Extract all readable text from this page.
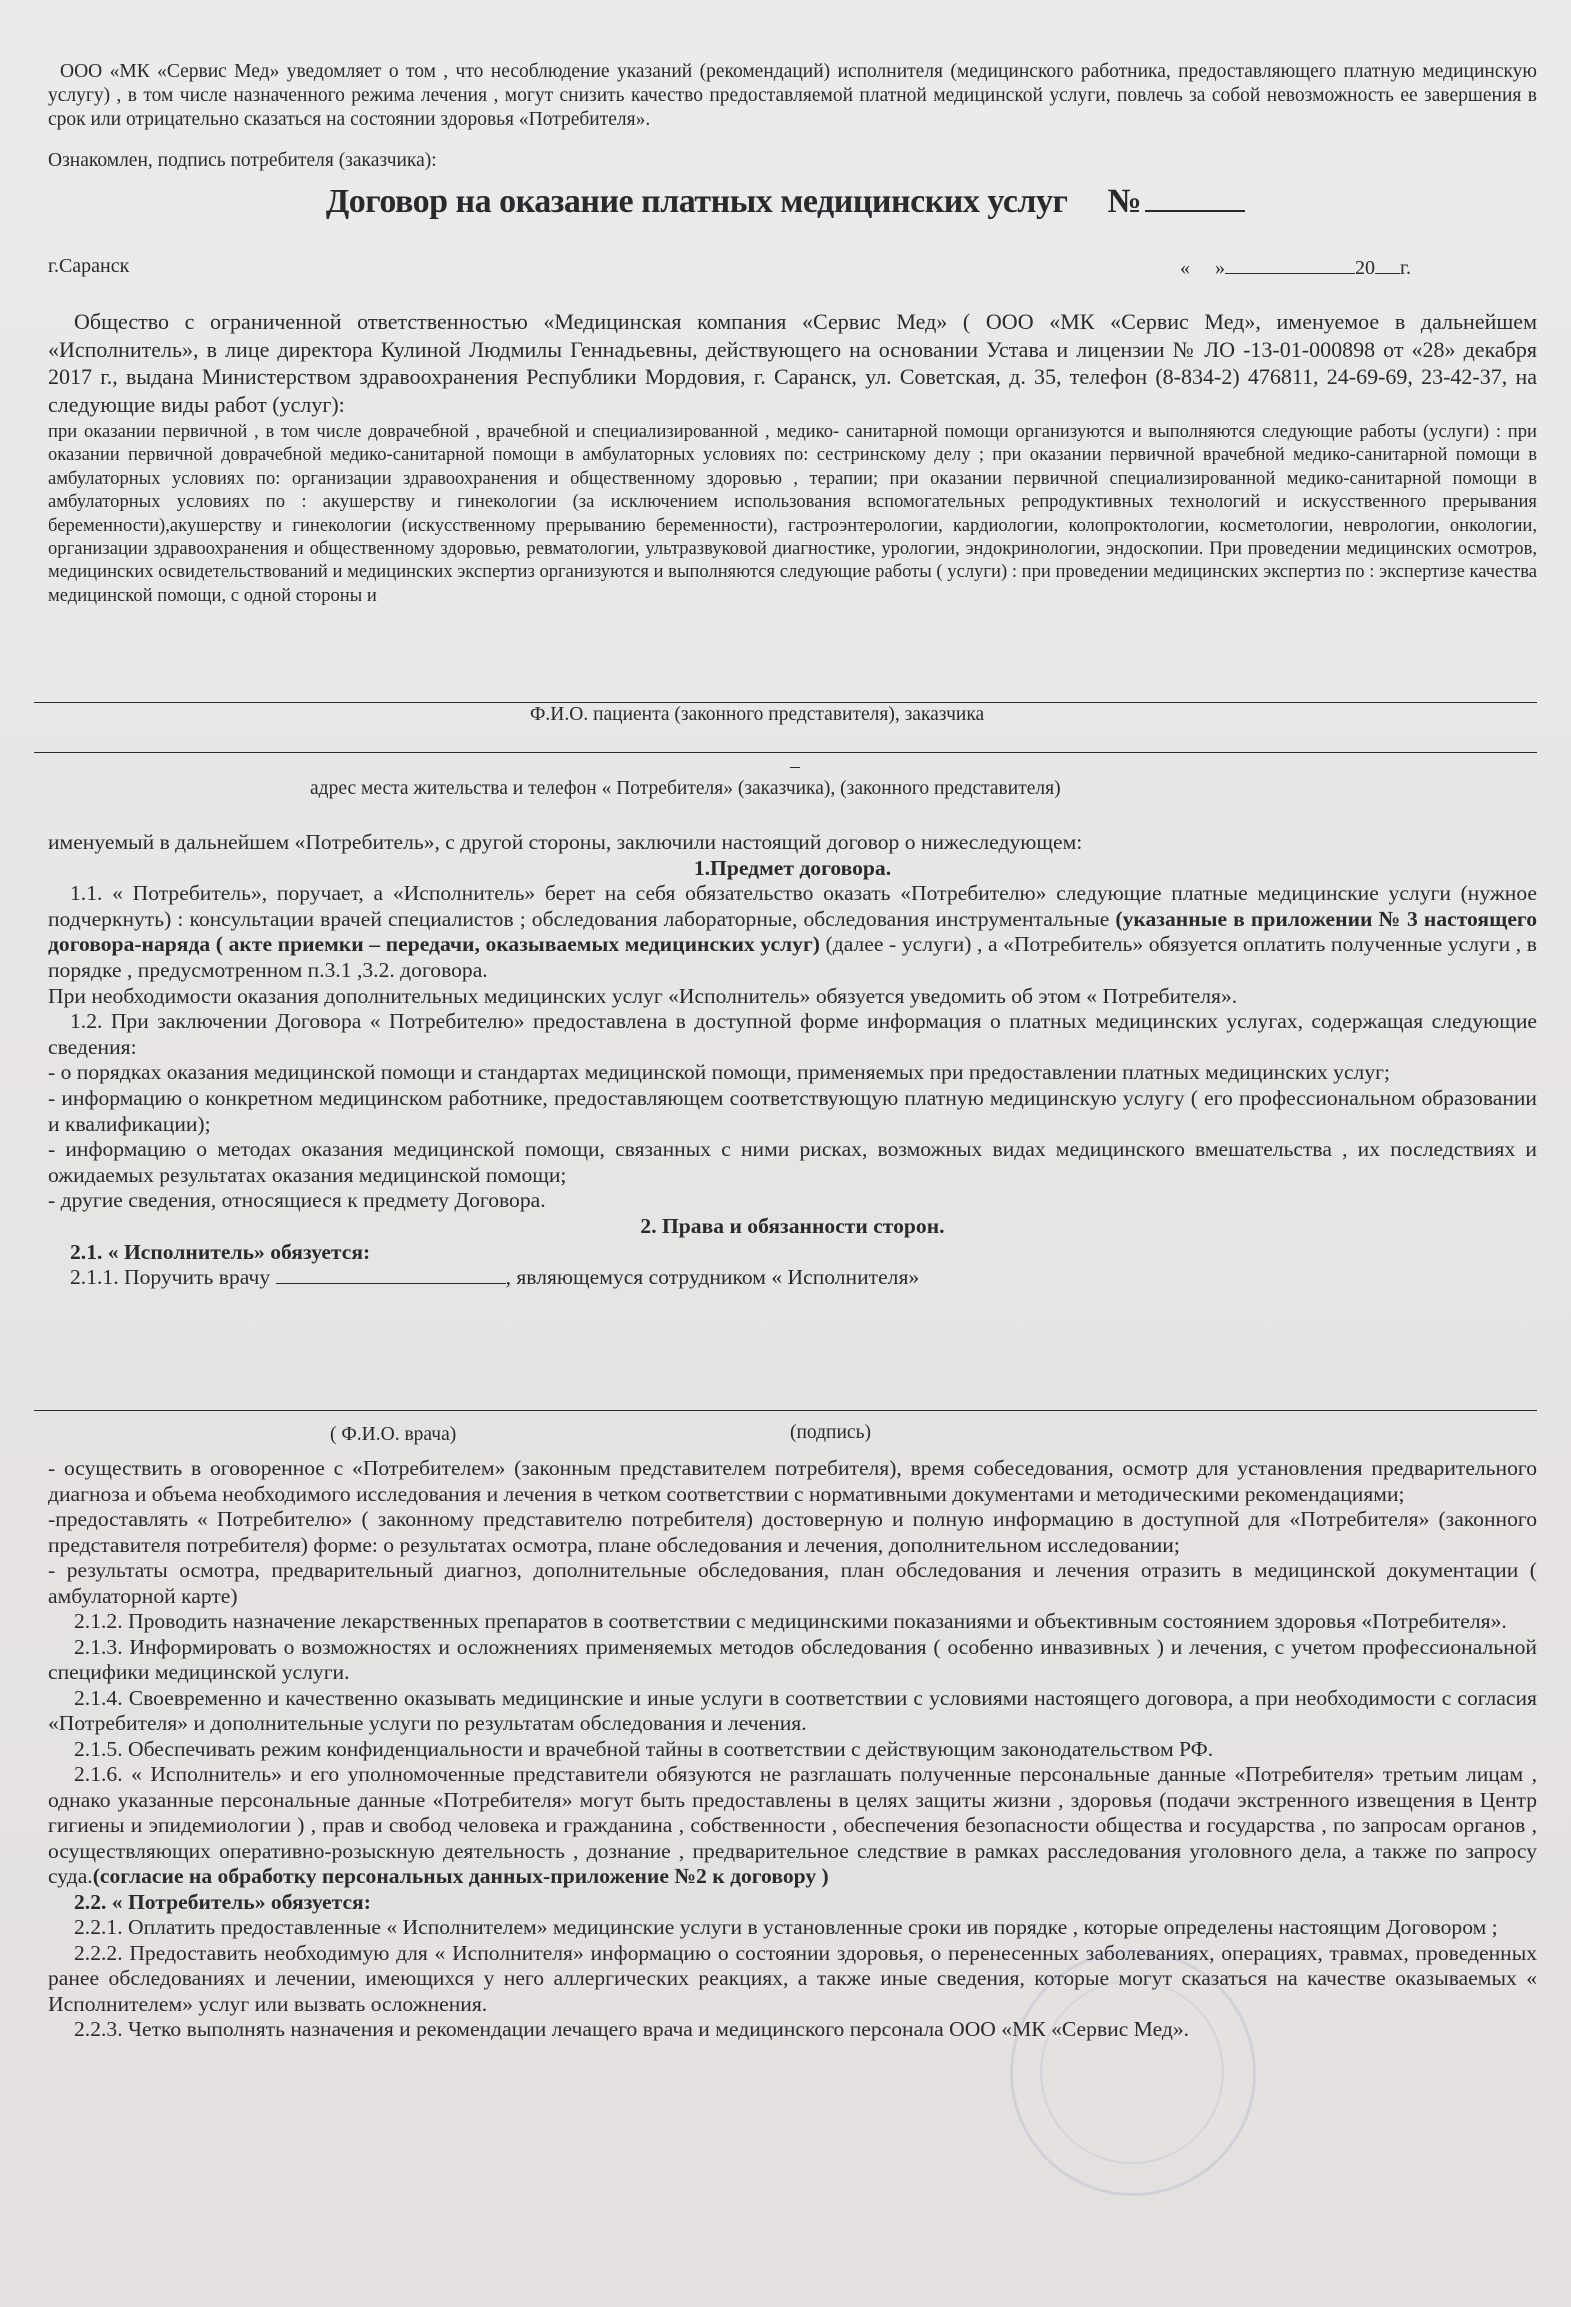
ООО «МК «Сервис Мед» уведомляет о том , что несоблюдение указаний (рекомендаций) исполнителя (медицинского работника, предоставляющего платную медицинскую услугу) , в том числе назначенного режима лечения , могут снизить качество предоставляемой платной медицинской услуги, повлечь за собой невозможность ее завершения в срок или отрицательно сказаться на состоянии здоровья «Потребителя».

Ознакомлен, подпись потребителя (заказчика):
Договор на оказание платных медицинских услуг №
г.Саранск	« »	20 г.

Общество с ограниченной ответственностью «Медицинская компания «Сервис Мед» ( ООО «МК «Сервис Мед», именуемое в дальнейшем «Исполнитель», в лице директора Кулиной Людмилы Геннадьевны, действующего на основании Устава и лицензии № ЛО -13-01-000898 от «28» декабря 2017 г., выдана Министерством здравоохранения Республики Мордовия, г. Саранск, ул. Советская, д. 35, телефон (8-834-2) 476811, 24-69-69, 23-42-37, на следующие виды работ (услуг):

при оказании первичной , в том числе доврачебной , врачебной и специализированной , медико- санитарной помощи организуются и выполняются следующие работы (услуги) : при оказании первичной доврачебной медико-санитарной помощи в амбулаторных условиях по: сестринскому делу ; при оказании первичной врачебной медико-санитарной помощи в амбулаторных условиях по: организации здравоохранения и общественному здоровью , терапии; при оказании первичной специализированной медико-санитарной помощи в амбулаторных условиях по : акушерству и гинекологии (за исключением использования вспомогательных репродуктивных технологий и искусственного прерывания беременности),акушерству и гинекологии (искусственному прерыванию беременности), гастроэнтерологии, кардиологии, колопроктологии, косметологии, неврологии, онкологии, организации здравоохранения и общественному здоровью, ревматологии, ультразвуковой диагностике, урологии, эндокринологии, эндоскопии. При проведении медицинских осмотров, медицинских освидетельствований и медицинских экспертиз организуются и выполняются следующие работы ( услуги) : при проведении медицинских экспертиз по : экспертизе качества медицинской помощи, с одной стороны и

Ф.И.О. пациента (законного представителя), заказчика
–
адрес места жительства и телефон « Потребителя» (заказчика), (законного представителя)

именуемый в дальнейшем «Потребитель», с другой стороны, заключили настоящий договор о нижеследующем:

1.Предмет договора.

1.1. « Потребитель», поручает, а «Исполнитель» берет на себя обязательство оказать «Потребителю» следующие платные медицинские услуги (нужное подчеркнуть) : консультации врачей специалистов ; обследования лабораторные, обследования инструментальные (указанные в приложении № 3 настоящего договора-наряда ( акте приемки – передачи, оказываемых медицинских услуг) (далее - услуги) , а «Потребитель» обязуется оплатить полученные услуги , в порядке , предусмотренном п.3.1 ,3.2. договора.

При необходимости оказания дополнительных медицинских услуг «Исполнитель» обязуется уведомить об этом « Потребителя».

1.2. При заключении Договора « Потребителю» предоставлена в доступной форме информация о платных медицинских услугах, содержащая следующие сведения:

- о порядках оказания медицинской помощи и стандартах медицинской помощи, применяемых при предоставлении платных медицинских услуг;

- информацию о конкретном медицинском работнике, предоставляющем соответствующую платную медицинскую услугу ( его профессиональном образовании и квалификации);

- информацию о методах оказания медицинской помощи, связанных с ними рисках, возможных видах медицинского вмешательства , их последствиях и ожидаемых результатах оказания медицинской помощи;

- другие сведения, относящиеся к предмету Договора.

2. Права и обязанности сторон.

2.1. « Исполнитель» обязуется:

2.1.1. Поручить врачу	, являющемуся сотрудником « Исполнителя»

( Ф.И.О. врача)	(подпись)

- осуществить в оговоренное с «Потребителем» (законным представителем потребителя), время собеседования, осмотр для установления предварительного диагноза и объема необходимого исследования и лечения в четком соответствии с нормативными документами и методическими рекомендациями;

-предоставлять « Потребителю» ( законному представителю потребителя) достоверную и полную информацию в доступной для «Потребителя» (законного представителя потребителя) форме: о результатах осмотра, плане обследования и лечения, дополнительном исследовании;

- результаты осмотра, предварительный диагноз, дополнительные обследования, план обследования и лечения отразить в медицинской документации ( амбулаторной карте)

2.1.2. Проводить назначение лекарственных препаратов в соответствии с медицинскими показаниями и объективным состоянием здоровья «Потребителя».

2.1.3. Информировать о возможностях и осложнениях применяемых методов обследования ( особенно инвазивных ) и лечения, с учетом профессиональной специфики медицинской услуги.

2.1.4. Своевременно и качественно оказывать медицинские и иные услуги в соответствии с условиями настоящего договора, а при необходимости с согласия «Потребителя» и дополнительные услуги по результатам обследования и лечения.

2.1.5. Обеспечивать режим конфиденциальности и врачебной тайны в соответствии с действующим законодательством РФ.

2.1.6. « Исполнитель» и его уполномоченные представители обязуются не разглашать полученные персональные данные «Потребителя» третьим лицам , однако указанные персональные данные «Потребителя» могут быть предоставлены в целях защиты жизни , здоровья (подачи экстренного извещения в Центр гигиены и эпидемиологии ) , прав и свобод человека и гражданина , собственности , обеспечения безопасности общества и государства , по запросам органов , осуществляющих оперативно-розыскную деятельность , дознание , предварительное следствие в рамках расследования уголовного дела, а также по запросу суда.(согласие на обработку персональных данных-приложение №2 к договору )

2.2. « Потребитель» обязуется:

2.2.1. Оплатить предоставленные « Исполнителем» медицинские услуги в установленные сроки ив порядке , которые определены настоящим Договором ;

2.2.2. Предоставить необходимую для « Исполнителя» информацию о состоянии здоровья, о перенесенных заболеваниях, операциях, травмах, проведенных ранее обследованиях и лечении, имеющихся у него аллергических реакциях, а также иные сведения, которые могут сказаться на качестве оказываемых « Исполнителем» услуг или вызвать осложнения.

2.2.3. Четко выполнять назначения и рекомендации лечащего врача и медицинского персонала ООО «МК «Сервис Мед».
